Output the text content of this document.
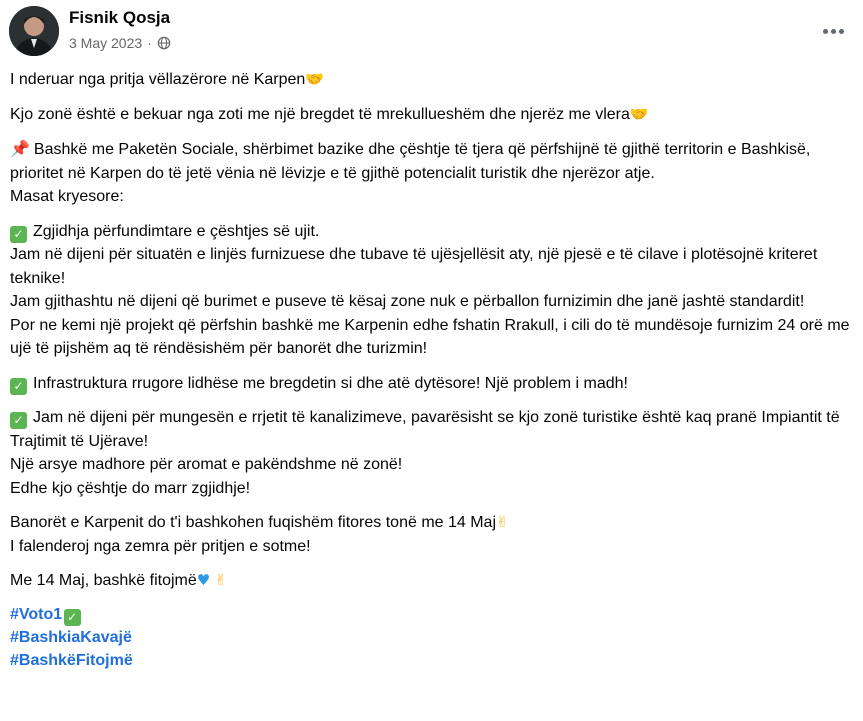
Fisnik Qosja
3 May 2023 ·

I nderuar nga pritja vëllazërore në Karpen🤝

Kjo zonë është e bekuar nga zoti me një bregdet të mrekullueshëm dhe njerëz me vlera🤝

📌 Bashkë me Paketën Sociale, shërbimet bazike dhe çështje të tjera që përfshijnë të gjithë territorin e Bashkisë, prioritet në Karpen do të jetë vënia në lëvizje e të gjithë potencialit turistik dhe njerëzor atje.
Masat kryesore:

✓ Zgjidhja përfundimtare e çështjes së ujit.
Jam në dijeni për situatën e linjës furnizuese dhe tubave të ujësjellësit aty, një pjesë e të cilave i plotësojnë kriteret teknike!
Jam gjithashtu në dijeni që burimet e puseve të kësaj zone nuk e përballon furnizimin dhe janë jashtë standardit!
Por ne kemi një projekt që përfshin bashkë me Karpenin edhe fshatin Rrakull, i cili do të mundësoje furnizim 24 orë me ujë të pijshëm aq të rëndësishëm për banorët dhe turizmin!

✓ Infrastruktura rrugore lidhëse me bregdetin si dhe atë dytësore! Një problem i madh!

✓ Jam në dijeni për mungesën e rrjetit të kanalizimeve, pavarësisht se kjo zonë turistike është kaq pranë Impiantit të Trajtimit të Ujërave!
Një arsye madhore për aromat e pakëndshme në zonë!
Edhe kjo çështje do marr zgjidhje!

Banorët e Karpenit do t'i bashkohen fuqishëm fitores tonë me 14 Maj✌
I falenderoj nga zemra për pritjen e sotme!

Me 14 Maj, bashkë fitojmë♥ ✌

#Voto1 ✓
#BashkiaKavajë
#BashkëFitojmë
